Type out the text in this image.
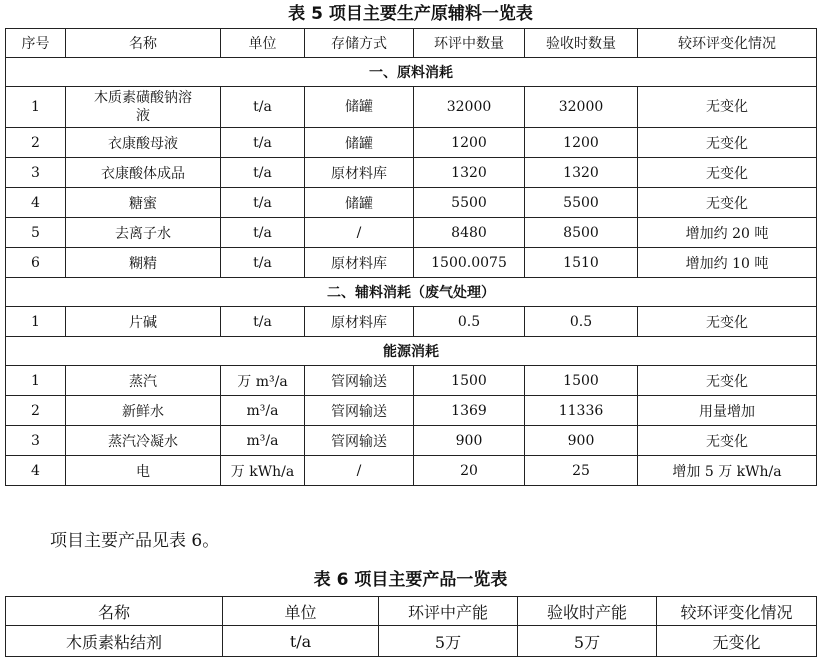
表 5 项目主要生产原辅料一览表
序号	名称	单位	存储方式	环评中数量	验收时数量	较环评变化情况
一、原料消耗						
1	木质素磺酸钠溶液	t/a	储罐	32000	32000	无变化
2	衣康酸母液	t/a	储罐	1200	1200	无变化
3	衣康酸体成品	t/a	原材料库	1320	1320	无变化
4	糖蜜	t/a	储罐	5500	5500	无变化
5	去离子水	t/a	/	8480	8500	增加约 20 吨
6	糊精	t/a	原材料库	1500.0075	1510	增加约 10 吨
二、辅料消耗（废气处理）						
1	片碱	t/a	原材料库	0.5	0.5	无变化
能源消耗						
1	蒸汽	万 m³/a	管网输送	1500	1500	无变化
2	新鲜水	m³/a	管网输送	1369	11336	用量增加
3	蒸汽冷凝水	m³/a	管网输送	900	900	无变化
4	电	万 kWh/a	/	20	25	增加 5 万 kWh/a
项目主要产品见表 6。
表 6 项目主要产品一览表
名称	单位	环评中产能	验收时产能	较环评变化情况
木质素粘结剂	t/a	5万	5万	无变化
